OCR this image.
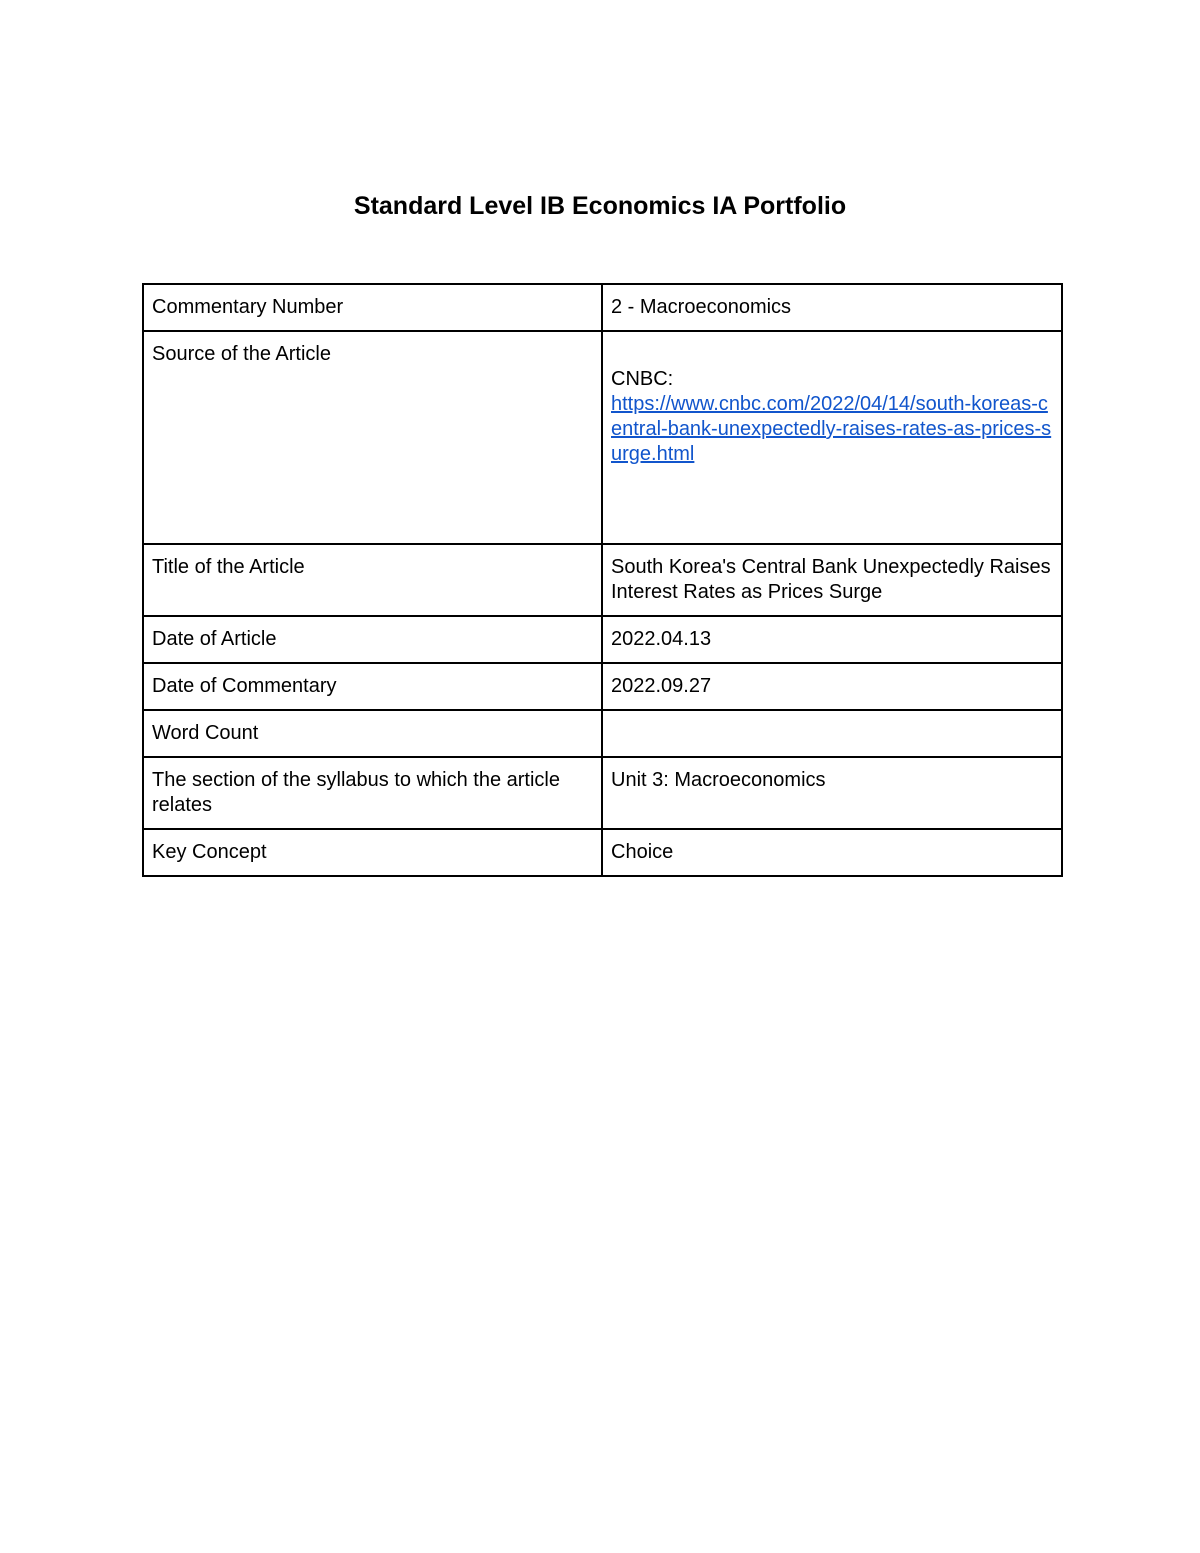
Standard Level IB Economics IA Portfolio
Commentary Number	2 - Macroeconomics
Source of the Article	CNBC:
https://www.cnbc.com/2022/04/14/south-koreas-central-bank-unexpectedly-raises-rates-as-prices-surge.html

Title of the Article	South Korea's Central Bank Unexpectedly Raises Interest Rates as Prices Surge
Date of Article	2022.04.13
Date of Commentary	2022.09.27
Word Count	
The section of the syllabus to which the article relates	Unit 3: Macroeconomics
Key Concept	Choice
